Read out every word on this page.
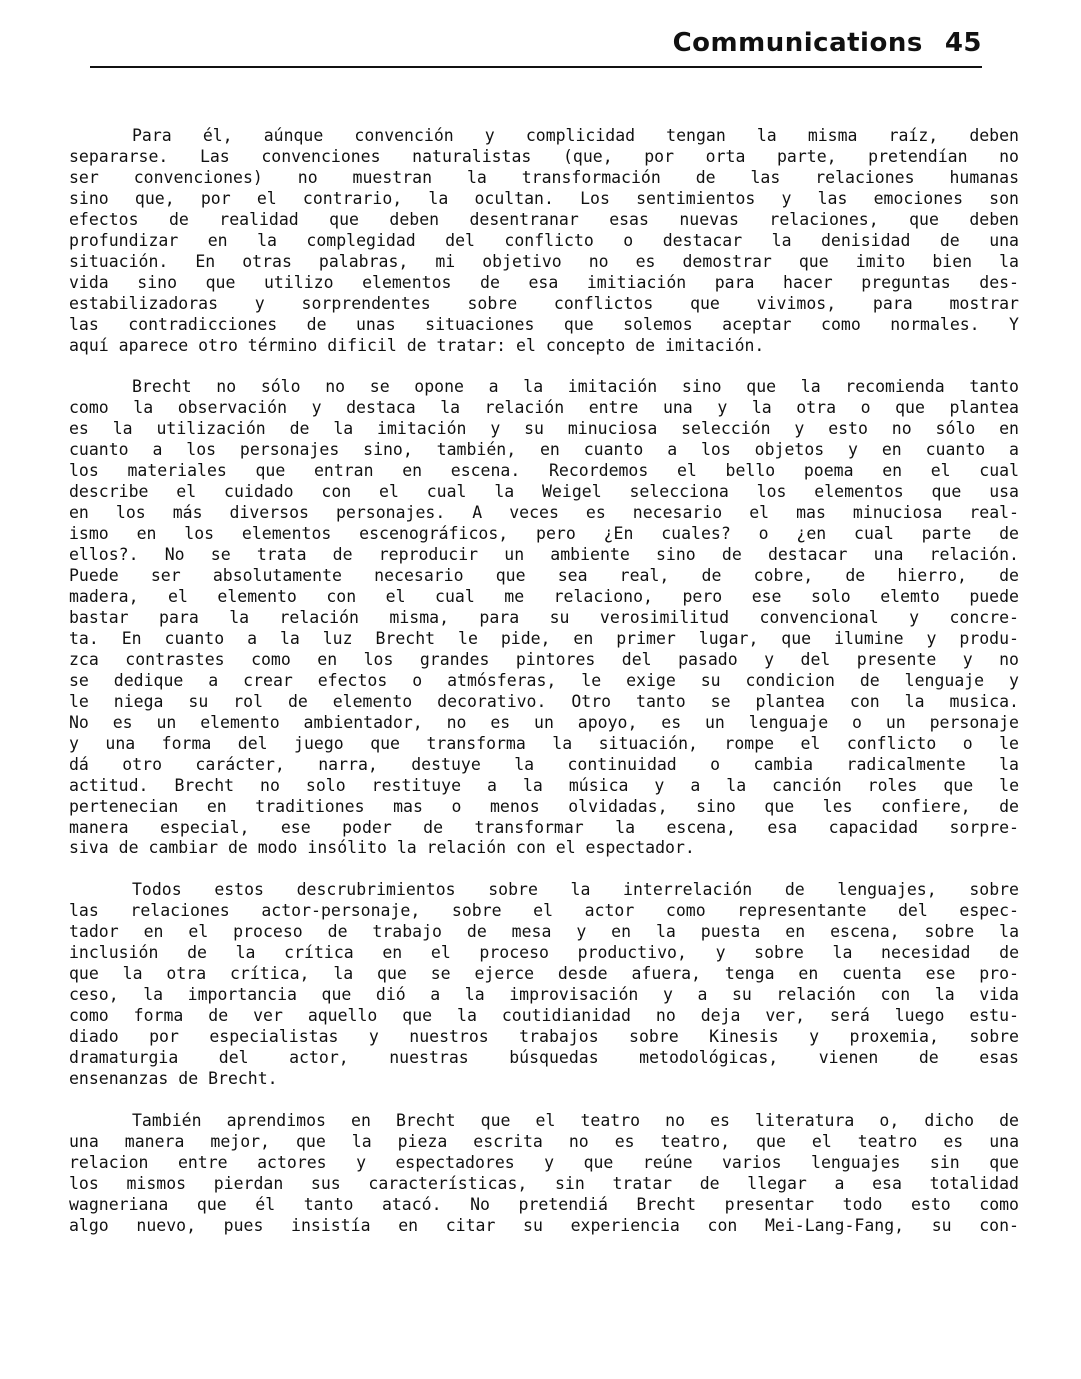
Communications 45
Para él, aúnque convención y complicidad tengan la misma raíz, deben
separarse. Las convenciones naturalistas (que, por orta parte, pretendían no
ser convenciones) no muestran la transformación de las relaciones humanas
sino que, por el contrario, la ocultan. Los sentimientos y las emociones son
efectos de realidad que deben desentranar esas nuevas relaciones, que deben
profundizar en la complegidad del conflicto o destacar la denisidad de una
situación. En otras palabras, mi objetivo no es demostrar que imito bien la
vida sino que utilizo elementos de esa imitiación para hacer preguntas des-
estabilizadoras y sorprendentes sobre conflictos que vivimos, para mostrar
las contradicciones de unas situaciones que solemos aceptar como normales. Y
aquí aparece otro término dificil de tratar: el concepto de imitación.
Brecht no sólo no se opone a la imitación sino que la recomienda tanto
como la observación y destaca la relación entre una y la otra o que plantea
es la utilización de la imitación y su minuciosa selección y esto no sólo en
cuanto a los personajes sino, también, en cuanto a los objetos y en cuanto a
los materiales que entran en escena. Recordemos el bello poema en el cual
describe el cuidado con el cual la Weigel selecciona los elementos que usa
en los más diversos personajes. A veces es necesario el mas minuciosa real-
ismo en los elementos escenográficos, pero ¿En cuales? o ¿en cual parte de
ellos?. No se trata de reproducir un ambiente sino de destacar una relación.
Puede ser absolutamente necesario que sea real, de cobre, de hierro, de
madera, el elemento con el cual me relaciono, pero ese solo elemto puede
bastar para la relación misma, para su verosimilitud convencional y concre-
ta. En cuanto a la luz Brecht le pide, en primer lugar, que ilumine y produ-
zca contrastes como en los grandes pintores del pasado y del presente y no
se dedique a crear efectos o atmósferas, le exige su condicion de lenguaje y
le niega su rol de elemento decorativo. Otro tanto se plantea con la musica.
No es un elemento ambientador, no es un apoyo, es un lenguaje o un personaje
y una forma del juego que transforma la situación, rompe el conflicto o le
dá otro carácter, narra, destuye la continuidad o cambia radicalmente la
actitud. Brecht no solo restituye a la música y a la canción roles que le
pertenecian en traditiones mas o menos olvidadas, sino que les confiere, de
manera especial, ese poder de transformar la escena, esa capacidad sorpre-
siva de cambiar de modo insólito la relación con el espectador.
Todos estos descrubrimientos sobre la interrelación de lenguajes, sobre
las relaciones actor-personaje, sobre el actor como representante del espec-
tador en el proceso de trabajo de mesa y en la puesta en escena, sobre la
inclusión de la crítica en el proceso productivo, y sobre la necesidad de
que la otra crítica, la que se ejerce desde afuera, tenga en cuenta ese pro-
ceso, la importancia que dió a la improvisación y a su relación con la vida
como forma de ver aquello que la coutidianidad no deja ver, será luego estu-
diado por especialistas y nuestros trabajos sobre Kinesis y proxemia, sobre
dramaturgia del actor, nuestras búsquedas metodológicas, vienen de esas
ensenanzas de Brecht.
También aprendimos en Brecht que el teatro no es literatura o, dicho de
una manera mejor, que la pieza escrita no es teatro, que el teatro es una
relacion entre actores y espectadores y que reúne varios lenguajes sin que
los mismos pierdan sus características, sin tratar de llegar a esa totalidad
wagneriana que él tanto atacó. No pretendiá Brecht presentar todo esto como
algo nuevo, pues insistía en citar su experiencia con Mei-Lang-Fang, su con-
